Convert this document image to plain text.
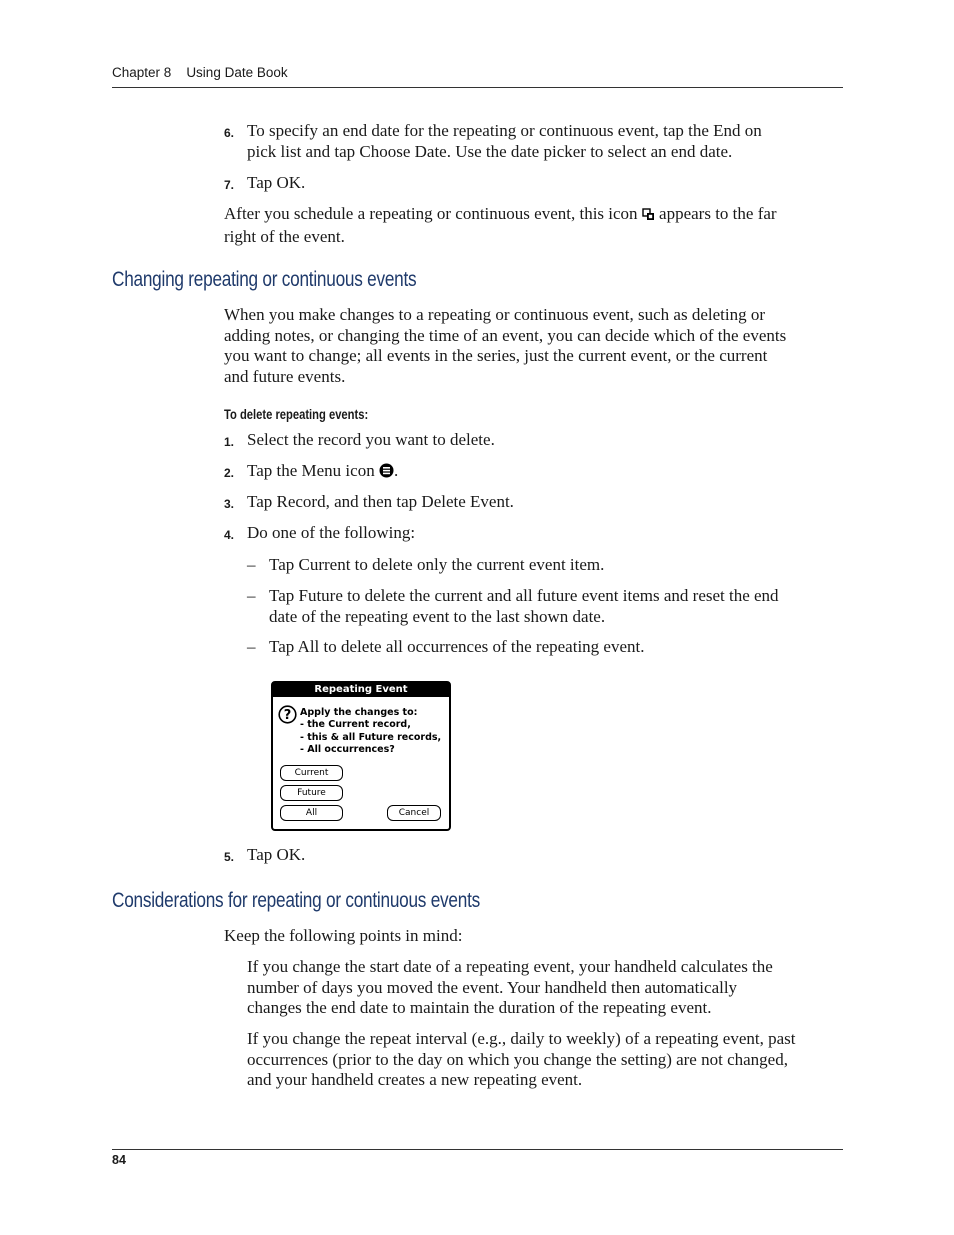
Chapter 8 Using Date Book
6. To specify an end date for the repeating or continuous event, tap the End on
pick list and tap Choose Date. Use the date picker to select an end date.
7. Tap OK.
After you schedule a repeating or continuous event, this icon appears to the far
right of the event.
Changing repeating or continuous events
When you make changes to a repeating or continuous event, such as deleting or
adding notes, or changing the time of an event, you can decide which of the events
you want to change; all events in the series, just the current event, or the current
and future events.
To delete repeating events:
1. Select the record you want to delete.
2. Tap the Menu icon .
3. Tap Record, and then tap Delete Event.
4. Do one of the following:
– Tap Current to delete only the current event item.
– Tap Future to delete the current and all future event items and reset the end
date of the repeating event to the last shown date.
– Tap All to delete all occurrences of the repeating event.
Repeating Event
? Apply the changes to:
- the Current record,
- this & all Future records,
- All occurrences?
Current
Future
All	Cancel
5. Tap OK.
Considerations for repeating or continuous events
Keep the following points in mind:
If you change the start date of a repeating event, your handheld calculates the
number of days you moved the event. Your handheld then automatically
changes the end date to maintain the duration of the repeating event.
If you change the repeat interval (e.g., daily to weekly) of a repeating event, past
occurrences (prior to the day on which you change the setting) are not changed,
and your handheld creates a new repeating event.
84
